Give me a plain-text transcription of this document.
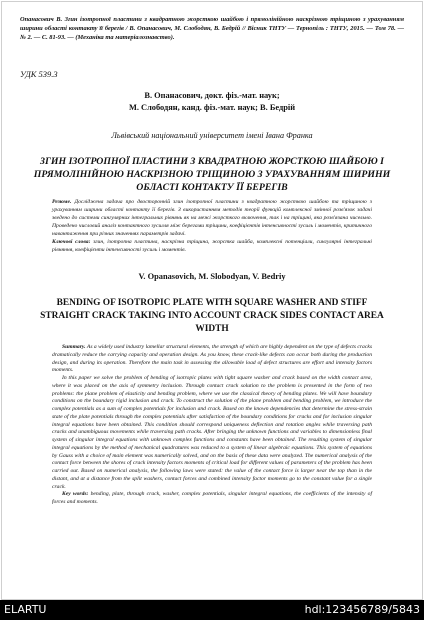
Опанасович В. Згин ізотропної пластини з квадратною жорсткою шайбою і прямолінійною наскрізною тріщиною з урахуванням ширини області контакту її берегів / В. Опанасович, М. Слободян, В. Бедрій // Вісник ТНТУ — Тернопіль : ТНТУ, 2015. — Том 78. — № 2. — С. 81-93. — (Механіка та матеріалознавство).

УДК 539.3

В. Опанасович, докт. фіз.-мат. наук;
М. Слободян, канд. фіз.-мат. наук; В. Бедрій

Львівський національний університет імені Івана Франка

ЗГИН ІЗОТРОПНОЇ ПЛАСТИНИ З КВАДРАТНОЮ ЖОРСТКОЮ ШАЙБОЮ І ПРЯМОЛІНІЙНОЮ НАСКРІЗНОЮ ТРІЩИНОЮ З УРАХУВАННЯМ ШИРИНИ ОБЛАСТІ КОНТАКТУ ЇЇ БЕРЕГІВ

Резюме. Досліджена задача про двосторонній згин ізотропної пластини з квадратною жорсткою шайбою та тріщиною з урахуванням ширини області контакту її берегів. З використанням методів теорії функцій комплексної змінної розв'язок задачі зведено до системи сингулярних інтегральних рівнянь як на межі жорсткого включення, так і на тріщині, яка розв'язана чисельно. Проведено числовий аналіз контактного зусилля між берегами тріщини, коефіцієнтів інтенсивності зусиль і моментів, критичного навантаження при різних значеннях параметрів задачі.

Ключові слова: згин, ізотропна пластина, наскрізна тріщина, жорстка шайба, комплексні потенціали, сингулярні інтегральні рівняння, коефіцієнти інтенсивності зусиль і моментів.

V. Opanasovich, M. Slobodyan, V. Bedriy

BENDING OF ISOTROPIC PLATE WITH SQUARE WASHER AND STIFF STRAIGHT CRACK TAKING INTO ACCOUNT CRACK SIDES CONTACT AREA WIDTH

Summary. As a widely used industry lamellar structural elements, the strength of which are highly dependent on the type of defects cracks dramatically reduce the carrying capacity and operation design. As you know, these crack-like defects can occur both during the production design, and during its operation. Therefore the main task in assessing the allowable load of defect structures are effort and intensity factors moments.

In this paper we solve the problem of bending of isotropic plates with tight square washer and crack based on the width contact area, where it was placed on the axis of symmetry inclusion. Through contact crack solution to the problem is presented in the form of two problems: the plane problem of elasticity and bending problem, where we use the classical theory of bending plates. We will have boundary conditions on the boundary rigid inclusion and crack. To construct the solution of the plane problem and bending problem, we introduce the complex potentials as a sum of complex potentials for inclusion and crack. Based on the known dependencies that determine the stress-strain state of the plate potentials through the complex potentials after satisfaction of the boundary conditions for cracks and for inclusion singular integral equations have been obtained. This condition should correspond uniqueness deflection and rotation angles while traversing path cracks and unambiguous movements while traversing path cracks. After bringing the unknown functions and variables to dimensionless final system of singular integral equations with unknown complex functions and constants have been obtained. The resulting system of singular integral equations by the method of mechanical quadratures was reduced to a system of linear algebraic equations. This system of equations by Gauss with a choice of main element was numerically solved, and on the basis of these data were analyzed. The numerical analysis of the contact force between the shores of crack intensity factors moments of critical load for different values of parameters of the problem has been carried out. Based on numerical analysis, the following laws were stated: the value of the contact force is larger near the top than in the distant, and at a distance from the split washers, contact forces and combined intensity factor moments go to the constant value for a single crack.

Key words: bending, plate, through crack, washer, complex potentials, singular integral equations, the coefficients of the intensity of forces and moments.

ELARTU	hdl:123456789/5843
